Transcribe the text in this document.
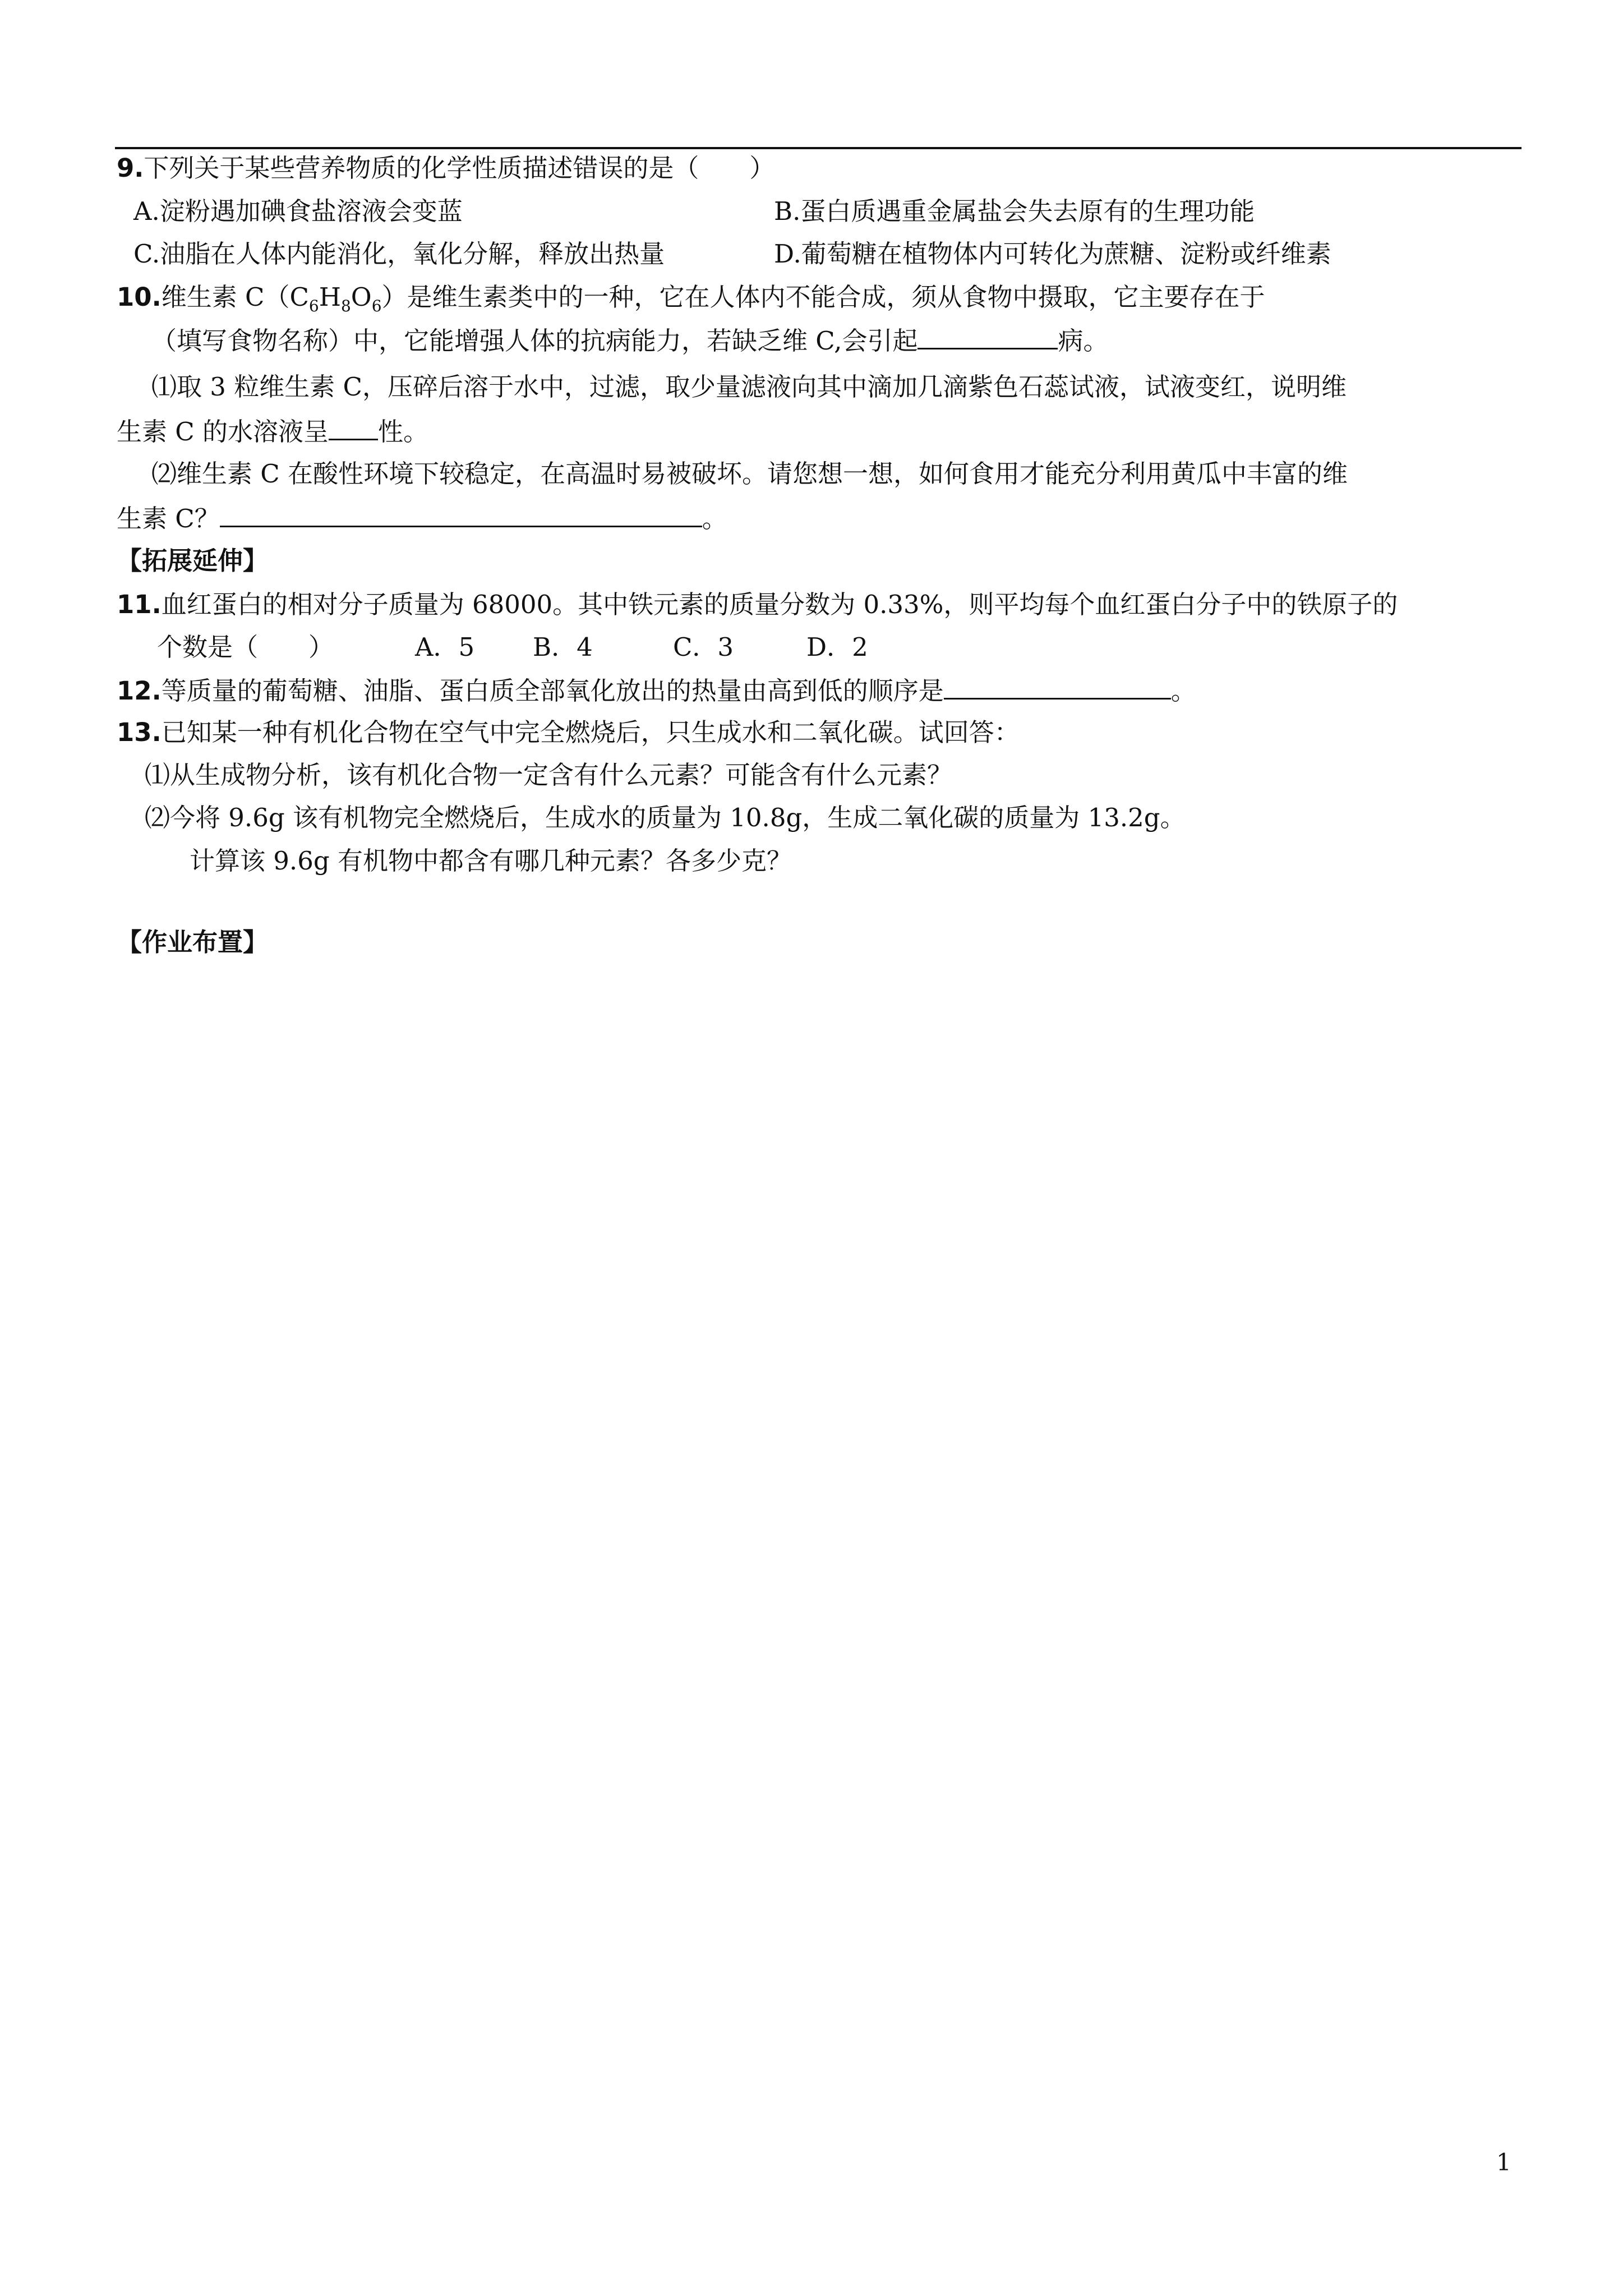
9.下列关于某些营养物质的化学性质描述错误的是（　　）
A.淀粉遇加碘食盐溶液会变蓝	B.蛋白质遇重金属盐会失去原有的生理功能
C.油脂在人体内能消化，氧化分解，释放出热量	D.葡萄糖在植物体内可转化为蔗糖、淀粉或纤维素
10.维生素 $C(C_6H_8O_6)$是维生素类中的一种，它在人体内不能合成，须从食物中摄取，它主要存在于
（填写食物名称）中，它能增强人体的抗病能力，若缺乏维 C,会引起	病。
⑴取 3 粒维生素 C，压碎后溶于水中，过滤，取少量滤液向其中滴加几滴紫色石蕊试液，试液变红，说明维
生素 C 的水溶液呈 性。
⑵维生素 C 在酸性环境下较稳定，在高温时易被破坏。请您想一想，如何食用才能充分利用黄瓜中丰富的维
生素 C？	。
【拓展延伸】
11.血红蛋白的相对分子质量为 68000。其中铁元素的质量分数为 0.33%，则平均每个血红蛋白分子中的铁原子的
个数是（　　）	A．5 B．4	C．3	D．2
12.等质量的葡萄糖、油脂、蛋白质全部氧化放出的热量由高到低的顺序是	。
13.已知某一种有机化合物在空气中完全燃烧后，只生成水和二氧化碳。试回答：
⑴从生成物分析，该有机化合物一定含有什么元素？可能含有什么元素？
⑵今将 9.6g 该有机物完全燃烧后，生成水的质量为 10.8g，生成二氧化碳的质量为 13.2g。
计算该 9.6g 有机物中都含有哪几种元素？各多少克？
【作业布置】
1
